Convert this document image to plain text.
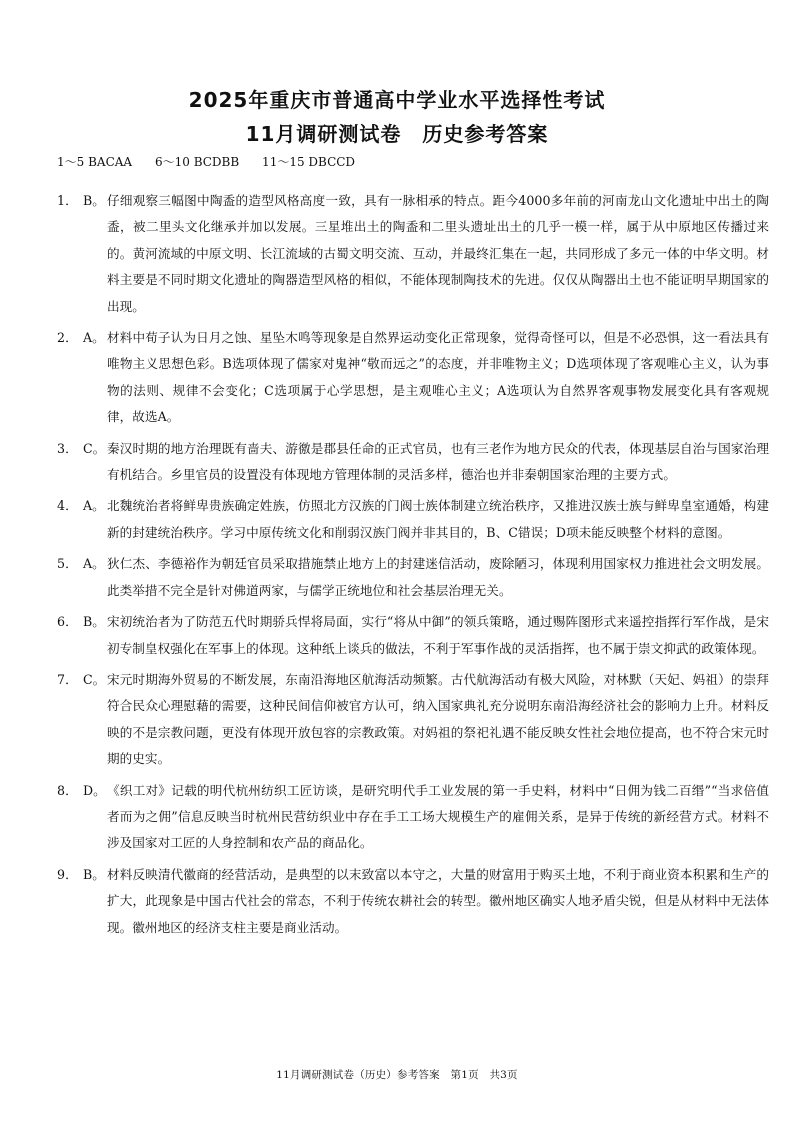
2025年重庆市普通高中学业水平选择性考试
11月调研测试卷　历史参考答案
1～5 BACAA      6～10 BCDBB      11～15 DBCCD
1． B。 仔细观察三幅图中陶盉的造型风格高度一致，具有一脉相承的特点。距今4000多年前的河南龙山文化遗址中出土的陶盉，被二里头文化继承并加以发展。三星堆出土的陶盉和二里头遗址出土的几乎一模一样，属于从中原地区传播过来的。黄河流域的中原文明、长江流域的古蜀文明交流、互动，并最终汇集在一起，共同形成了多元一体的中华文明。材料主要是不同时期文化遗址的陶器造型风格的相似，不能体现制陶技术的先进。仅仅从陶器出土也不能证明早期国家的出现。
2． A。 材料中荀子认为日月之蚀、星坠木鸣等现象是自然界运动变化正常现象，觉得奇怪可以，但是不必恐惧，这一看法具有唯物主义思想色彩。B选项体现了儒家对鬼神“敬而远之”的态度，并非唯物主义；D选项体现了客观唯心主义，认为事物的法则、规律不会变化；C选项属于心学思想，是主观唯心主义；A选项认为自然界客观事物发展变化具有客观规律，故选A。
3． C。 秦汉时期的地方治理既有啬夫、游徼是郡县任命的正式官员，也有三老作为地方民众的代表，体现基层自治与国家治理有机结合。乡里官员的设置没有体现地方管理体制的灵活多样，德治也并非秦朝国家治理的主要方式。
4． A。 北魏统治者将鲜卑贵族确定姓族，仿照北方汉族的门阀士族体制建立统治秩序，又推进汉族士族与鲜卑皇室通婚，构建新的封建统治秩序。学习中原传统文化和削弱汉族门阀并非其目的，B、C错误；D项未能反映整个材料的意图。
5． A。 狄仁杰、李德裕作为朝廷官员采取措施禁止地方上的封建迷信活动，废除陋习，体现利用国家权力推进社会文明发展。此类举措不完全是针对佛道两家，与儒学正统地位和社会基层治理无关。
6． B。 宋初统治者为了防范五代时期骄兵悍将局面，实行“将从中御”的领兵策略，通过赐阵图形式来遥控指挥行军作战，是宋初专制皇权强化在军事上的体现。这种纸上谈兵的做法，不利于军事作战的灵活指挥，也不属于崇文抑武的政策体现。
7． C。 宋元时期海外贸易的不断发展，东南沿海地区航海活动频繁。古代航海活动有极大风险，对林默（天妃、妈祖）的崇拜符合民众心理慰藉的需要，这种民间信仰被官方认可，纳入国家典礼充分说明东南沿海经济社会的影响力上升。材料反映的不是宗教问题，更没有体现开放包容的宗教政策。对妈祖的祭祀礼遇不能反映女性社会地位提高，也不符合宋元时期的史实。
8． D。 《织工对》记载的明代杭州纺织工匠访谈，是研究明代手工业发展的第一手史料，材料中“日佣为钱二百缗”“当求倍值者而为之佣”信息反映当时杭州民营纺织业中存在手工工场大规模生产的雇佣关系，是异于传统的新经营方式。材料不涉及国家对工匠的人身控制和农产品的商品化。
9． B。 材料反映清代徽商的经营活动，是典型的以末致富以本守之，大量的财富用于购买土地，不利于商业资本积累和生产的扩大，此现象是中国古代社会的常态，不利于传统农耕社会的转型。徽州地区确实人地矛盾尖锐，但是从材料中无法体现。徽州地区的经济支柱主要是商业活动。
11月调研测试卷（历史）参考答案　第1页　共3页
